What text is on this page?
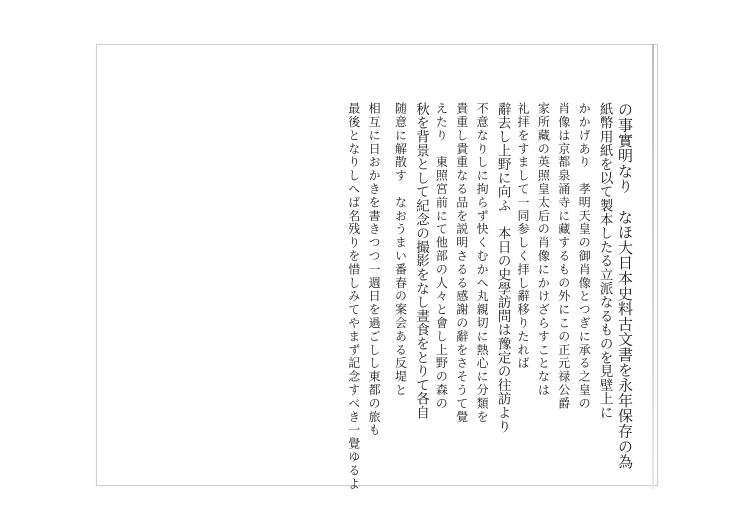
の事實明なり　なほ大日本史料古文書を永年保存の為
紙幣用紙を以て製本したる立派なるものを見壁上に
かかげあり　孝明天皇の御肖像とつぎに承る之皇の
肖像は京都泉涌寺に藏するもの外にこの正元禄公爵
家所藏の英照皇太后の肖像にかけざらすことなは
礼拝をすまして一同参しく拝し辭移りたれば
辭去し上野に向ふ　本日の史學訪問は豫定の往訪より
不意なりしに拘らず快くむかへ丸親切に熱心に分類を
貴重し貴重なる品を説明さるる感謝の辭をさそうて覺
えたり　東照宮前にて他部の人々と會し上野の森の
秋を背景として紀念の撮影をなし晝食をとりて各自
随意に解散す　なおうまい番春の案会ある反堤と
相互に日おかきを書きつつ一週日を過ごしし東都の旅も
最後となりしへば名残りを惜しみてやまず記念すべき一覺ゆるよ
